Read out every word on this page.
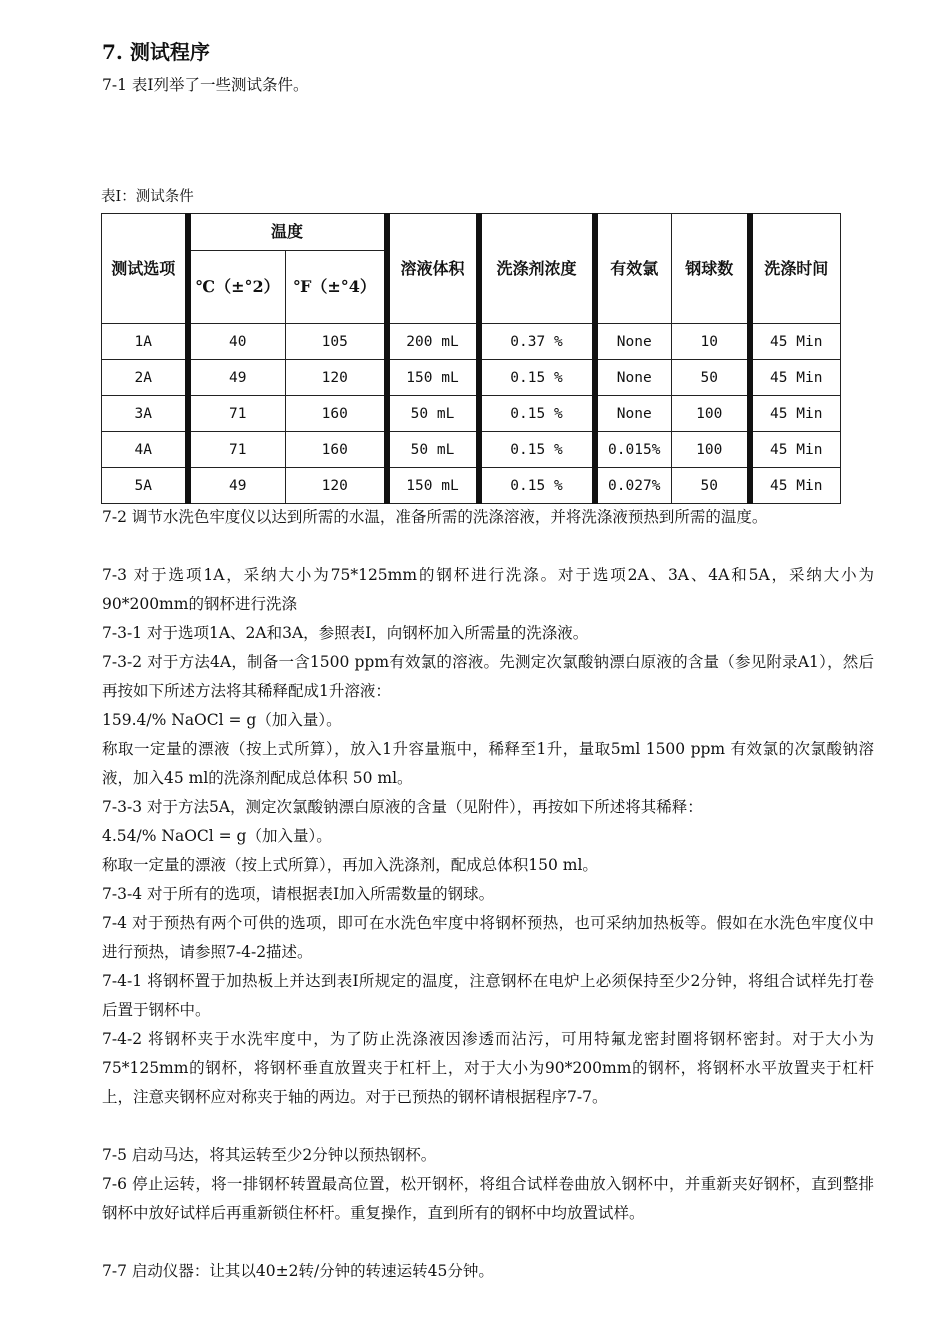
7. 测试程序
7-1 表Ⅰ列举了一些测试条件。
表Ⅰ：测试条件
测试选项	温度		溶液体积	洗涤剂浓度	有效氯	钢球数	洗涤时间
	℃（±°2）	℉（±°4）					
1A	40	105	200 mL	0.37 %	None	10	45 Min
2A	49	120	150 mL	0.15 %	None	50	45 Min
3A	71	160	50 mL	0.15 %	None	100	45 Min
4A	71	160	50 mL	0.15 %	0.015%	100	45 Min
5A	49	120	150 mL	0.15 %	0.027%	50	45 Min
7-2 调节水洗色牢度仪以达到所需的水温，准备所需的洗涤溶液，并将洗涤液预热到所需的温度。
7-3 对于选项1A，采纳大小为75*125mm的钢杯进行洗涤。对于选项2A、3A、4A和5A，采纳大小为90*200mm的钢杯进行洗涤
7-3-1 对于选项1A、2A和3A，参照表Ⅰ，向钢杯加入所需量的洗涤液。
7-3-2 对于方法4A，制备一含1500 ppm有效氯的溶液。先测定次氯酸钠漂白原液的含量（参见附录A1），然后再按如下所述方法将其稀释配成1升溶液：
159.4/% NaOCl = g（加入量）。
称取一定量的漂液（按上式所算），放入1升容量瓶中，稀释至1升，量取5ml 1500 ppm 有效氯的次氯酸钠溶液，加入45 ml的洗涤剂配成总体积 50 ml。
7-3-3 对于方法5A，测定次氯酸钠漂白原液的含量（见附件），再按如下所述将其稀释：
4.54/% NaOCl = g（加入量）。
称取一定量的漂液（按上式所算），再加入洗涤剂，配成总体积150 ml。
7-3-4 对于所有的选项，请根据表Ⅰ加入所需数量的钢球。
7-4 对于预热有两个可供的选项，即可在水洗色牢度中将钢杯预热，也可采纳加热板等。假如在水洗色牢度仪中进行预热，请参照7-4-2描述。
7-4-1 将钢杯置于加热板上并达到表Ⅰ所规定的温度，注意钢杯在电炉上必须保持至少2分钟，将组合试样先打卷后置于钢杯中。
7-4-2 将钢杯夹于水洗牢度中，为了防止洗涤液因渗透而沾污，可用特氟龙密封圈将钢杯密封。对于大小为75*125mm的钢杯，将钢杯垂直放置夹于杠杆上，对于大小为90*200mm的钢杯，将钢杯水平放置夹于杠杆上，注意夹钢杯应对称夹于轴的两边。对于已预热的钢杯请根据程序7-7。
7-5 启动马达，将其运转至少2分钟以预热钢杯。
7-6 停止运转，将一排钢杯转置最高位置，松开钢杯，将组合试样卷曲放入钢杯中，并重新夹好钢杯，直到整排钢杯中放好试样后再重新锁住杯杆。重复操作，直到所有的钢杯中均放置试样。
7-7 启动仪器：让其以40±2转/分钟的转速运转45分钟。
